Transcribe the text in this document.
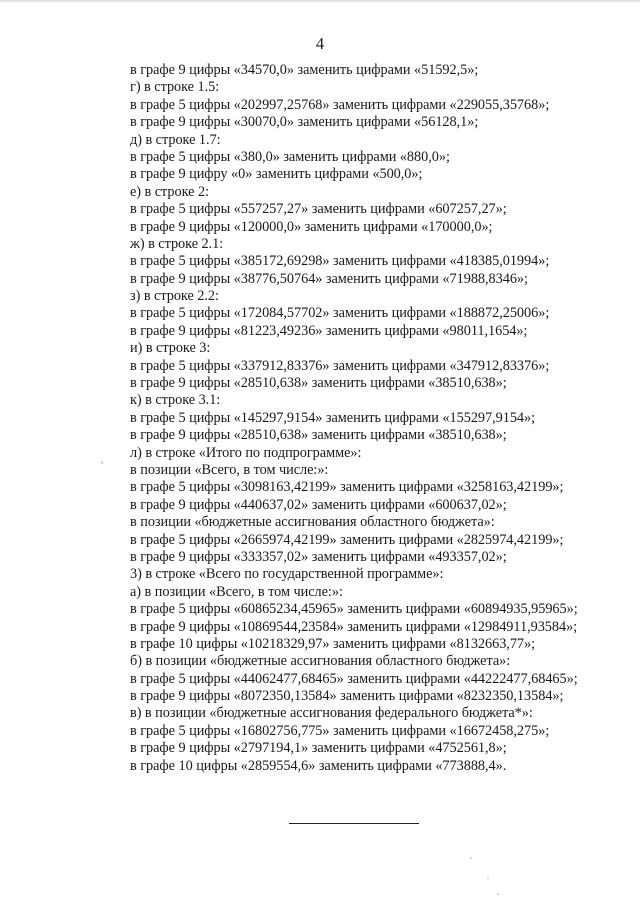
4
в графе 9 цифры «34570,0» заменить цифрами «51592,5»;
г) в строке 1.5:
в графе 5 цифры «202997,25768» заменить цифрами «229055,35768»;
в графе 9 цифры «30070,0» заменить цифрами «56128,1»;
д) в строке 1.7:
в графе 5 цифры «380,0» заменить цифрами «880,0»;
в графе 9 цифру «0» заменить цифрами «500,0»;
е) в строке 2:
в графе 5 цифры «557257,27» заменить цифрами «607257,27»;
в графе 9 цифры «120000,0» заменить цифрами «170000,0»;
ж) в строке 2.1:
в графе 5 цифры «385172,69298» заменить цифрами «418385,01994»;
в графе 9 цифры «38776,50764» заменить цифрами «71988,8346»;
з) в строке 2.2:
в графе 5 цифры «172084,57702» заменить цифрами «188872,25006»;
в графе 9 цифры «81223,49236» заменить цифрами «98011,1654»;
и) в строке 3:
в графе 5 цифры «337912,83376» заменить цифрами «347912,83376»;
в графе 9 цифры «28510,638» заменить цифрами «38510,638»;
к) в строке 3.1:
в графе 5 цифры «145297,9154» заменить цифрами «155297,9154»;
в графе 9 цифры «28510,638» заменить цифрами «38510,638»;
л) в строке «Итого по подпрограмме»:
в позиции «Всего, в том числе:»:
в графе 5 цифры «3098163,42199» заменить цифрами «3258163,42199»;
в графе 9 цифры «440637,02» заменить цифрами «600637,02»;
в позиции «бюджетные ассигнования областного бюджета»:
в графе 5 цифры «2665974,42199» заменить цифрами «2825974,42199»;
в графе 9 цифры «333357,02» заменить цифрами «493357,02»;
3) в строке «Всего по государственной программе»:
а) в позиции «Всего, в том числе:»:
в графе 5 цифры «60865234,45965» заменить цифрами «60894935,95965»;
в графе 9 цифры «10869544,23584» заменить цифрами «12984911,93584»;
в графе 10 цифры «10218329,97» заменить цифрами «8132663,77»;
б) в позиции «бюджетные ассигнования областного бюджета»:
в графе 5 цифры «44062477,68465» заменить цифрами «44222477,68465»;
в графе 9 цифры «8072350,13584» заменить цифрами «8232350,13584»;
в) в позиции «бюджетные ассигнования федерального бюджета*»:
в графе 5 цифры «16802756,775» заменить цифрами «16672458,275»;
в графе 9 цифры «2797194,1» заменить цифрами «4752561,8»;
в графе 10 цифры «2859554,6» заменить цифрами «773888,4».
